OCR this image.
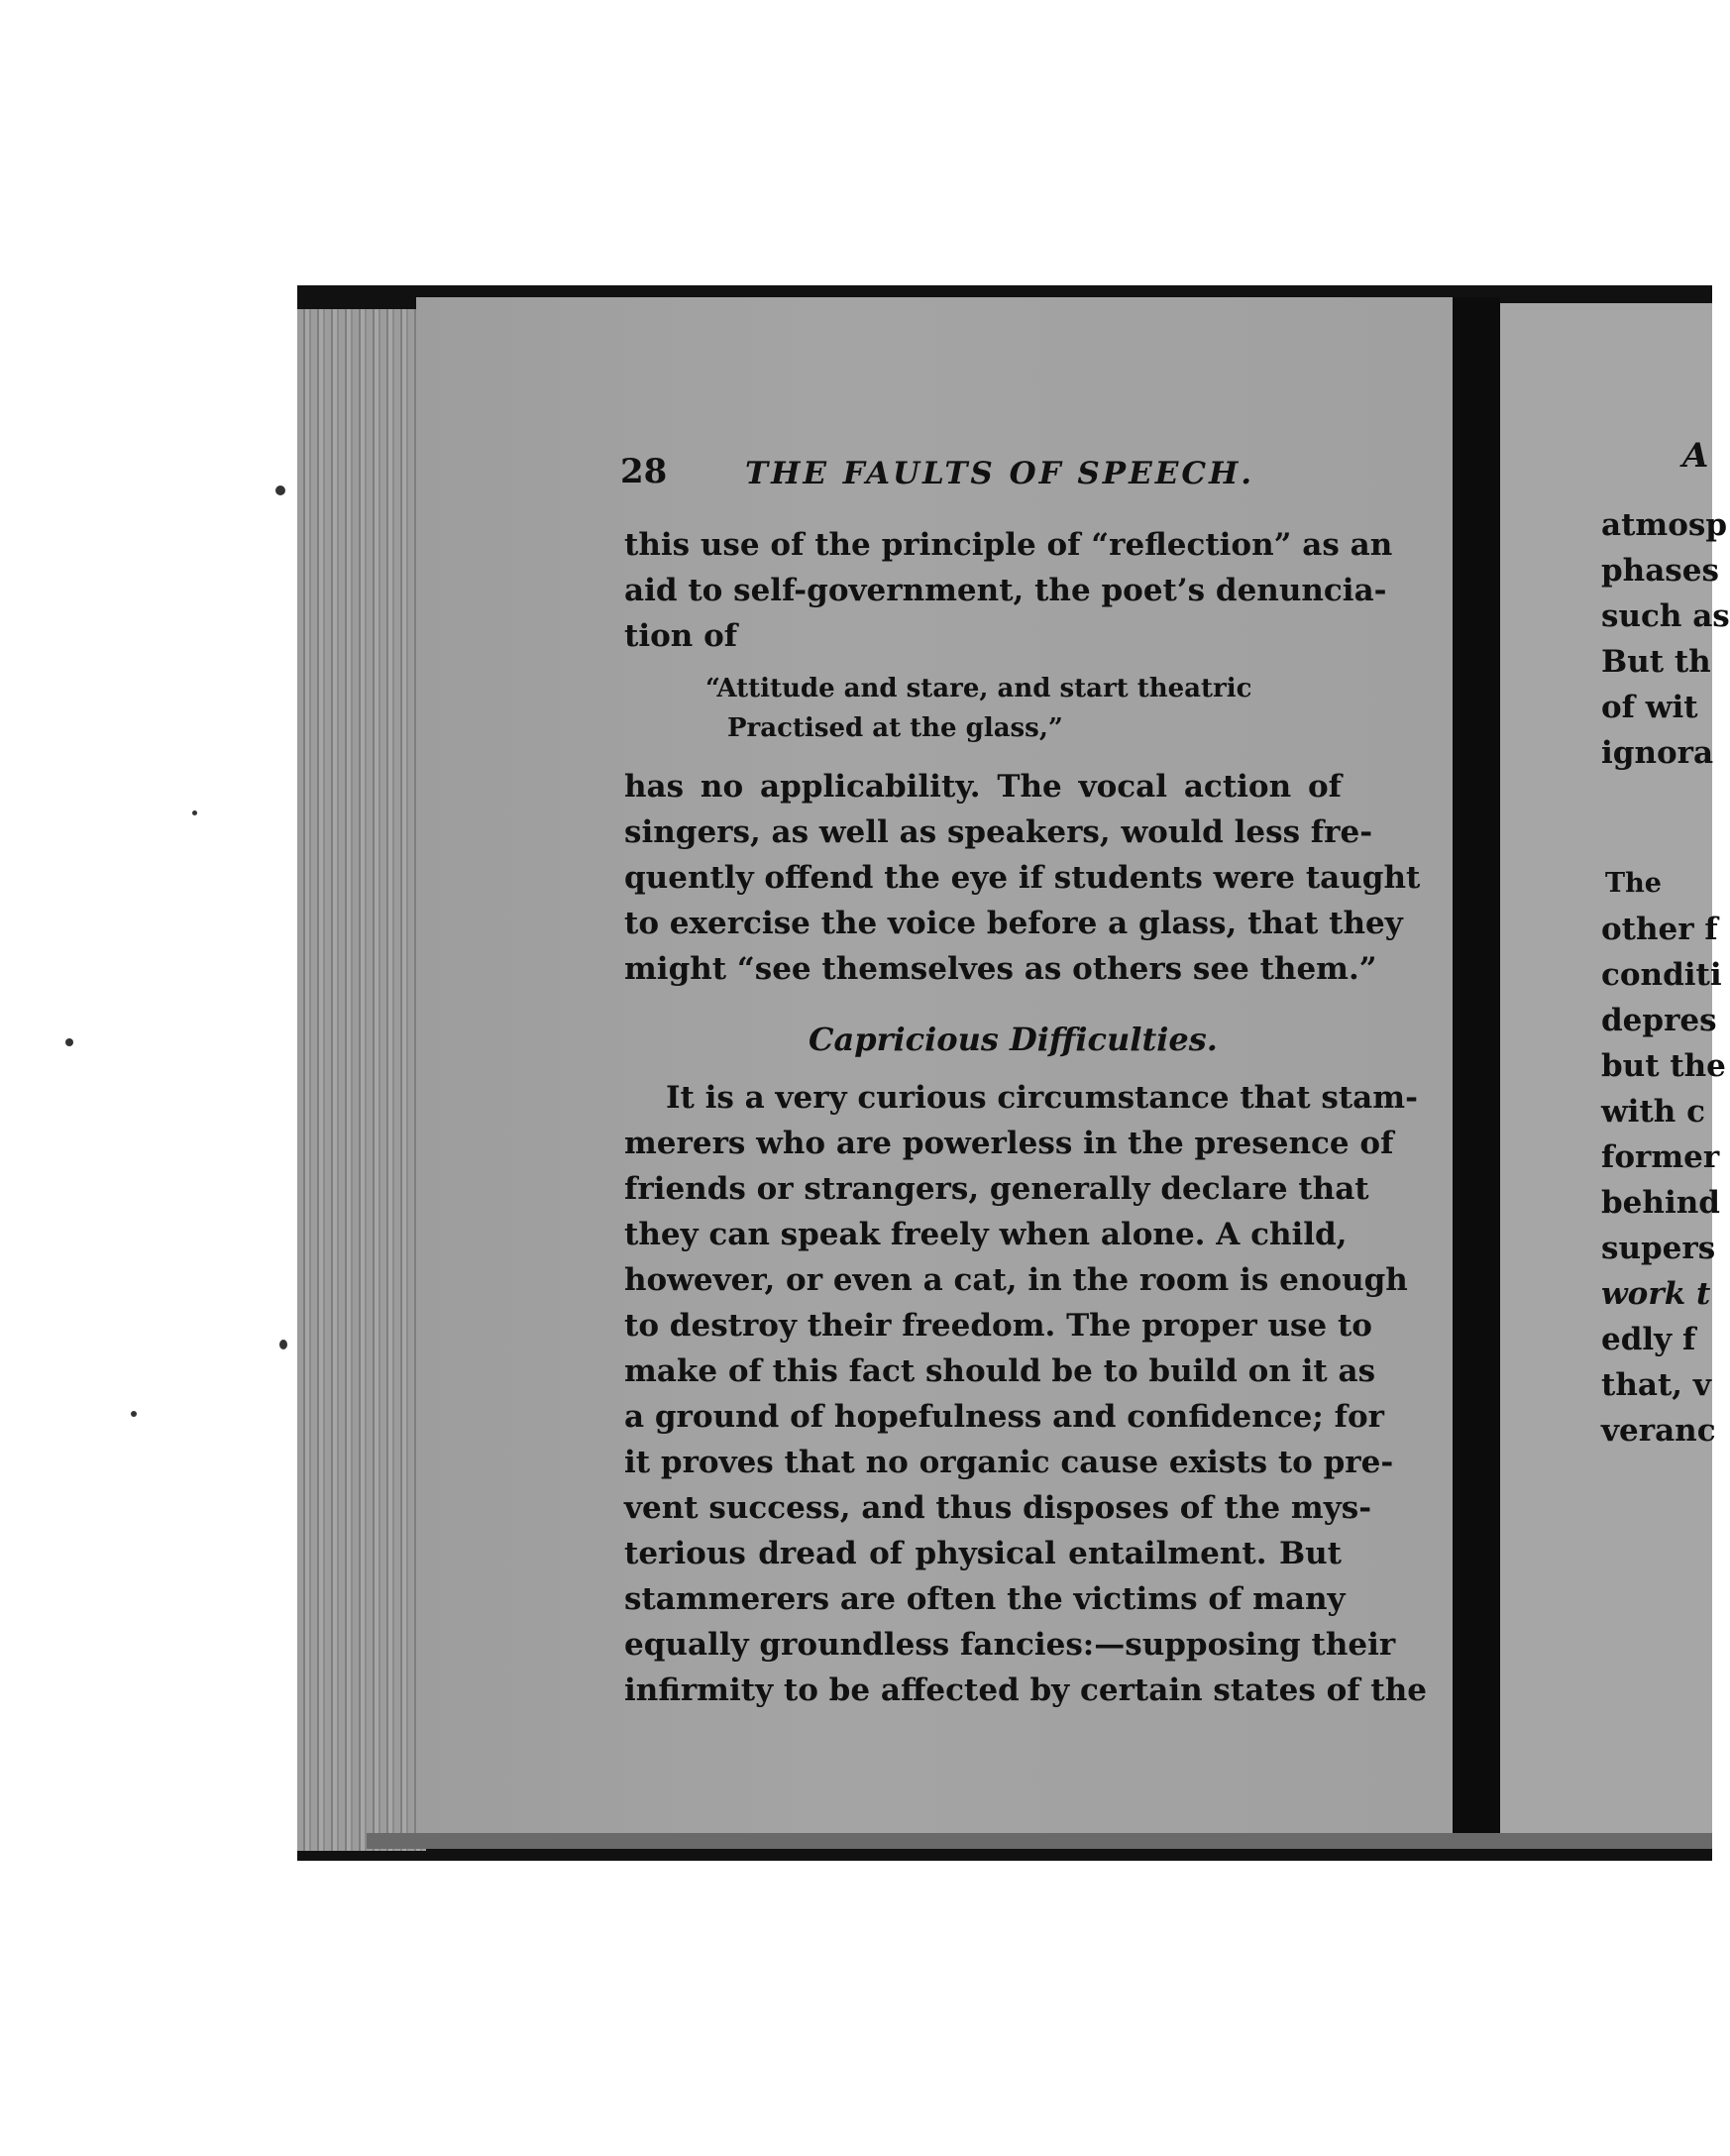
28	THE FAULTS OF SPEECH.
this use of the principle of “reflection” as an
aid to self-government, the poet’s denuncia-
tion of
“Attitude and stare, and start theatric
Practised at the glass,”
has no applicability. The vocal action of
singers, as well as speakers, would less fre-
quently offend the eye if students were taught
to exercise the voice before a glass, that they
might “see themselves as others see them.”
Capricious Difficulties.
It is a very curious circumstance that stam-
merers who are powerless in the presence of
friends or strangers, generally declare that
they can speak freely when alone. A child,
however, or even a cat, in the room is enough
to destroy their freedom. The proper use to
make of this fact should be to build on it as
a ground of hopefulness and confidence; for
it proves that no organic cause exists to pre-
vent success, and thus disposes of the mys-
terious dread of physical entailment. But
stammerers are often the victims of many
equally groundless fancies:—supposing their
infirmity to be affected by certain states of the
A
atmosp
phases
such as
But th
of wit
ignora
The
other f
conditi
depres
but the
with c
former
behind
supers
work t
edly f
that, v
veranc
